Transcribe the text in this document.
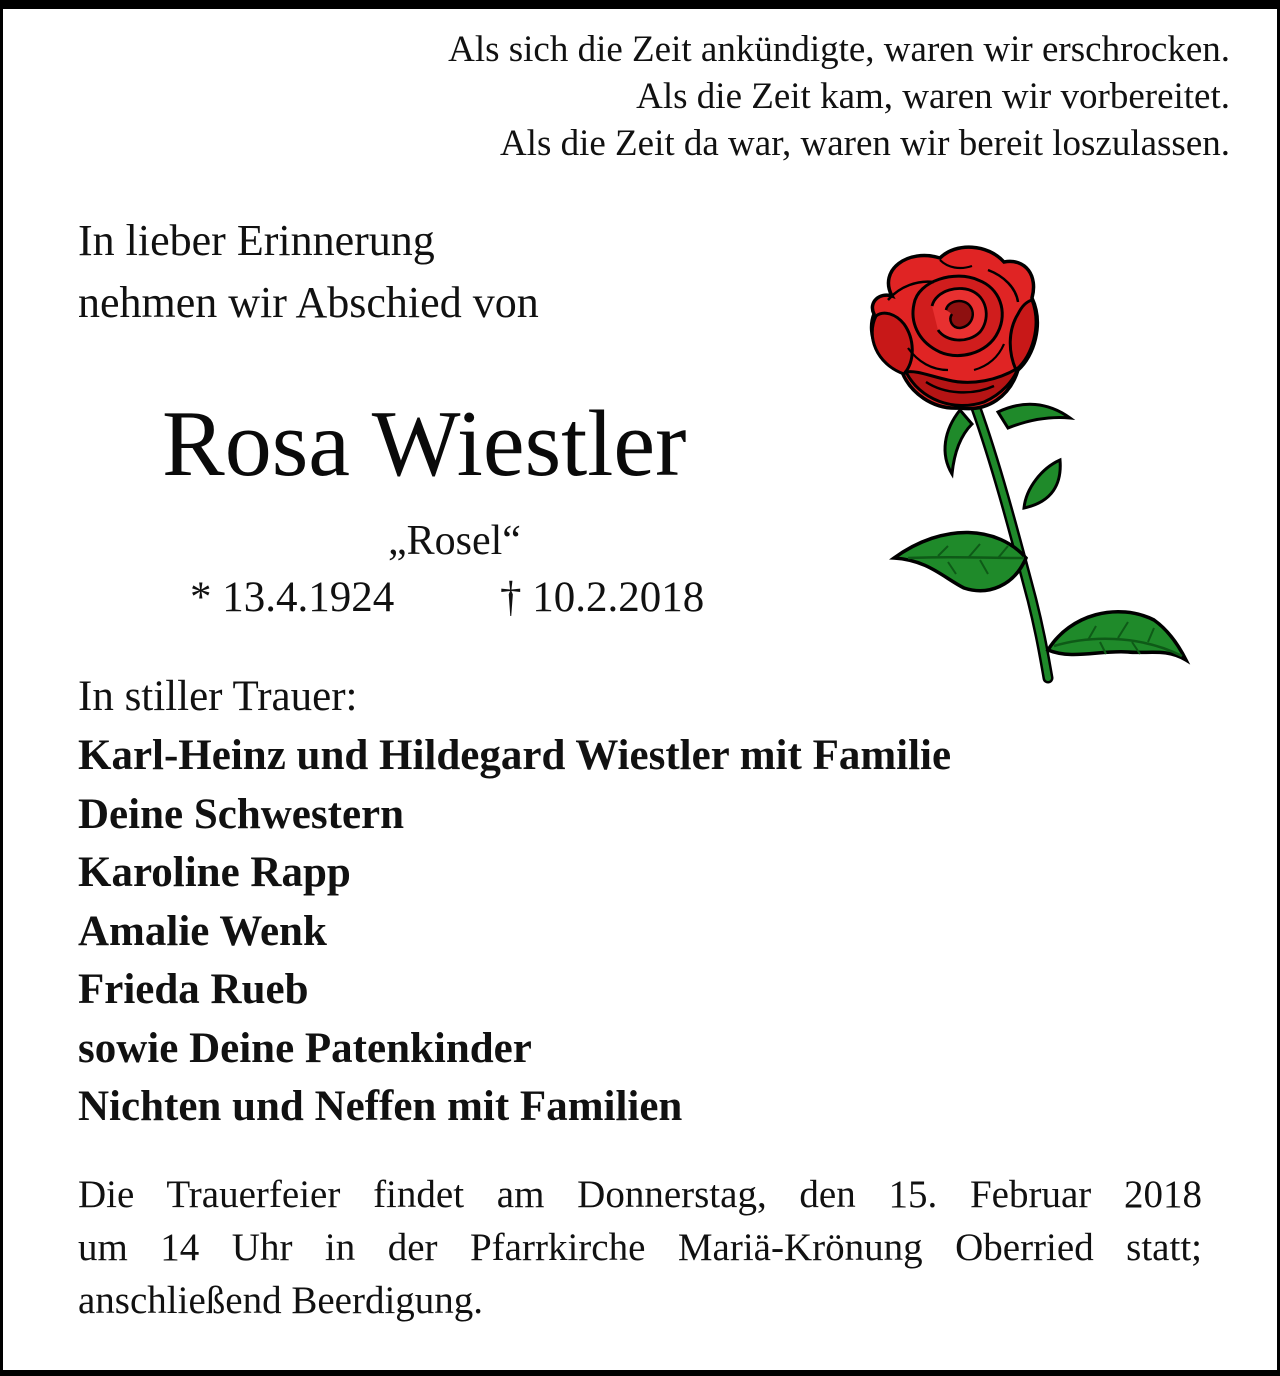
Als sich die Zeit ankündigte, waren wir erschrocken.
Als die Zeit kam, waren wir vorbereitet.
Als die Zeit da war, waren wir bereit loszulassen.
In lieber Erinnerung
nehmen wir Abschied von
Rosa Wiestler
„Rosel“
* 13.4.1924 † 10.2.2018
In stiller Trauer:
Karl-Heinz und Hildegard Wiestler mit Familie
Deine Schwestern
Karoline Rapp
Amalie Wenk
Frieda Rueb
sowie Deine Patenkinder
Nichten und Neffen mit Familien
Die Trauerfeier findet am Donnerstag, den 15. Februar 2018
um 14 Uhr in der Pfarrkirche Mariä-Krönung Oberried statt;
anschließend Beerdigung.
